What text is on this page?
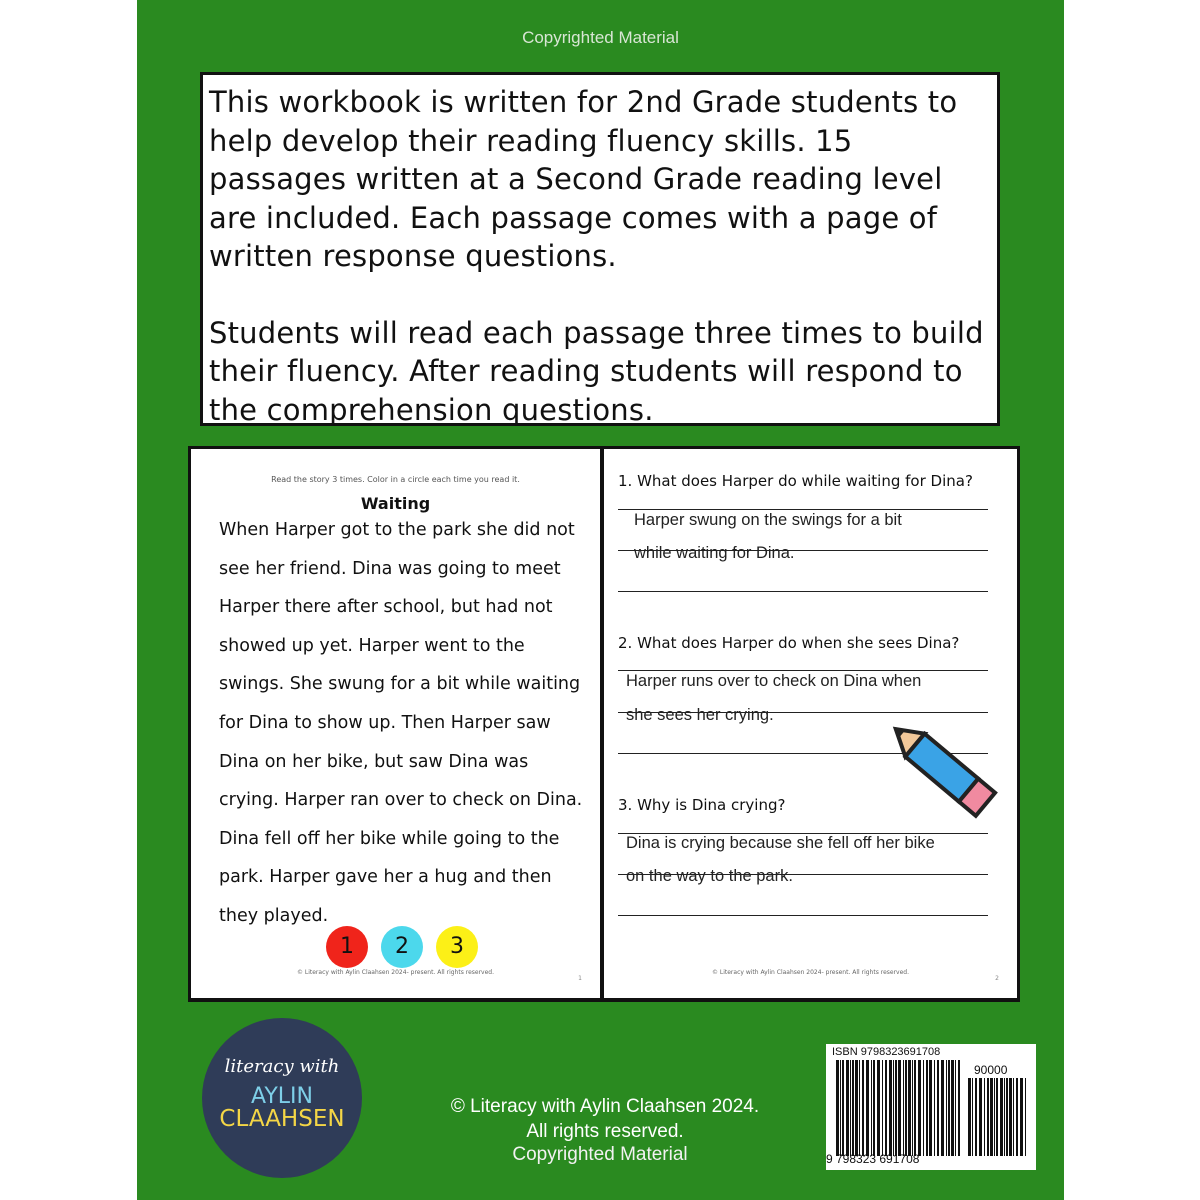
Copyrighted Material

This workbook is written for 2nd Grade students to help develop their reading fluency skills. 15 passages written at a Second Grade reading level are included. Each passage comes with a page of written response questions.

Students will read each passage three times to build their fluency. After reading students will respond to the comprehension questions.

Read the story 3 times. Color in a circle each time you read it.
Waiting

When Harper got to the park she did not see her friend. Dina was going to meet Harper there after school, but had not showed up yet. Harper went to the swings. She swung for a bit while waiting for Dina to show up. Then Harper saw Dina on her bike, but saw Dina was crying. Harper ran over to check on Dina. Dina fell off her bike while going to the park. Harper gave her a hug and then they played.

1	2	3
© Literacy with Aylin Claahsen 2024- present. All rights reserved.
1
1. What does Harper do while waiting for Dina?
Harper swung on the swings for a bit
while waiting for Dina.
2. What does Harper do when she sees Dina?
Harper runs over to check on Dina when
she sees her crying.
3. Why is Dina crying?
Dina is crying because she fell off her bike
on the way to the park.
© Literacy with Aylin Claahsen 2024- present. All rights reserved.
2
literacy with
AYLIN
CLAAHSEN	© Literacy with Aylin Claahsen 2024.
All rights reserved.
Copyrighted Material
ISBN 9798323691708
90000
9 798323 691708
